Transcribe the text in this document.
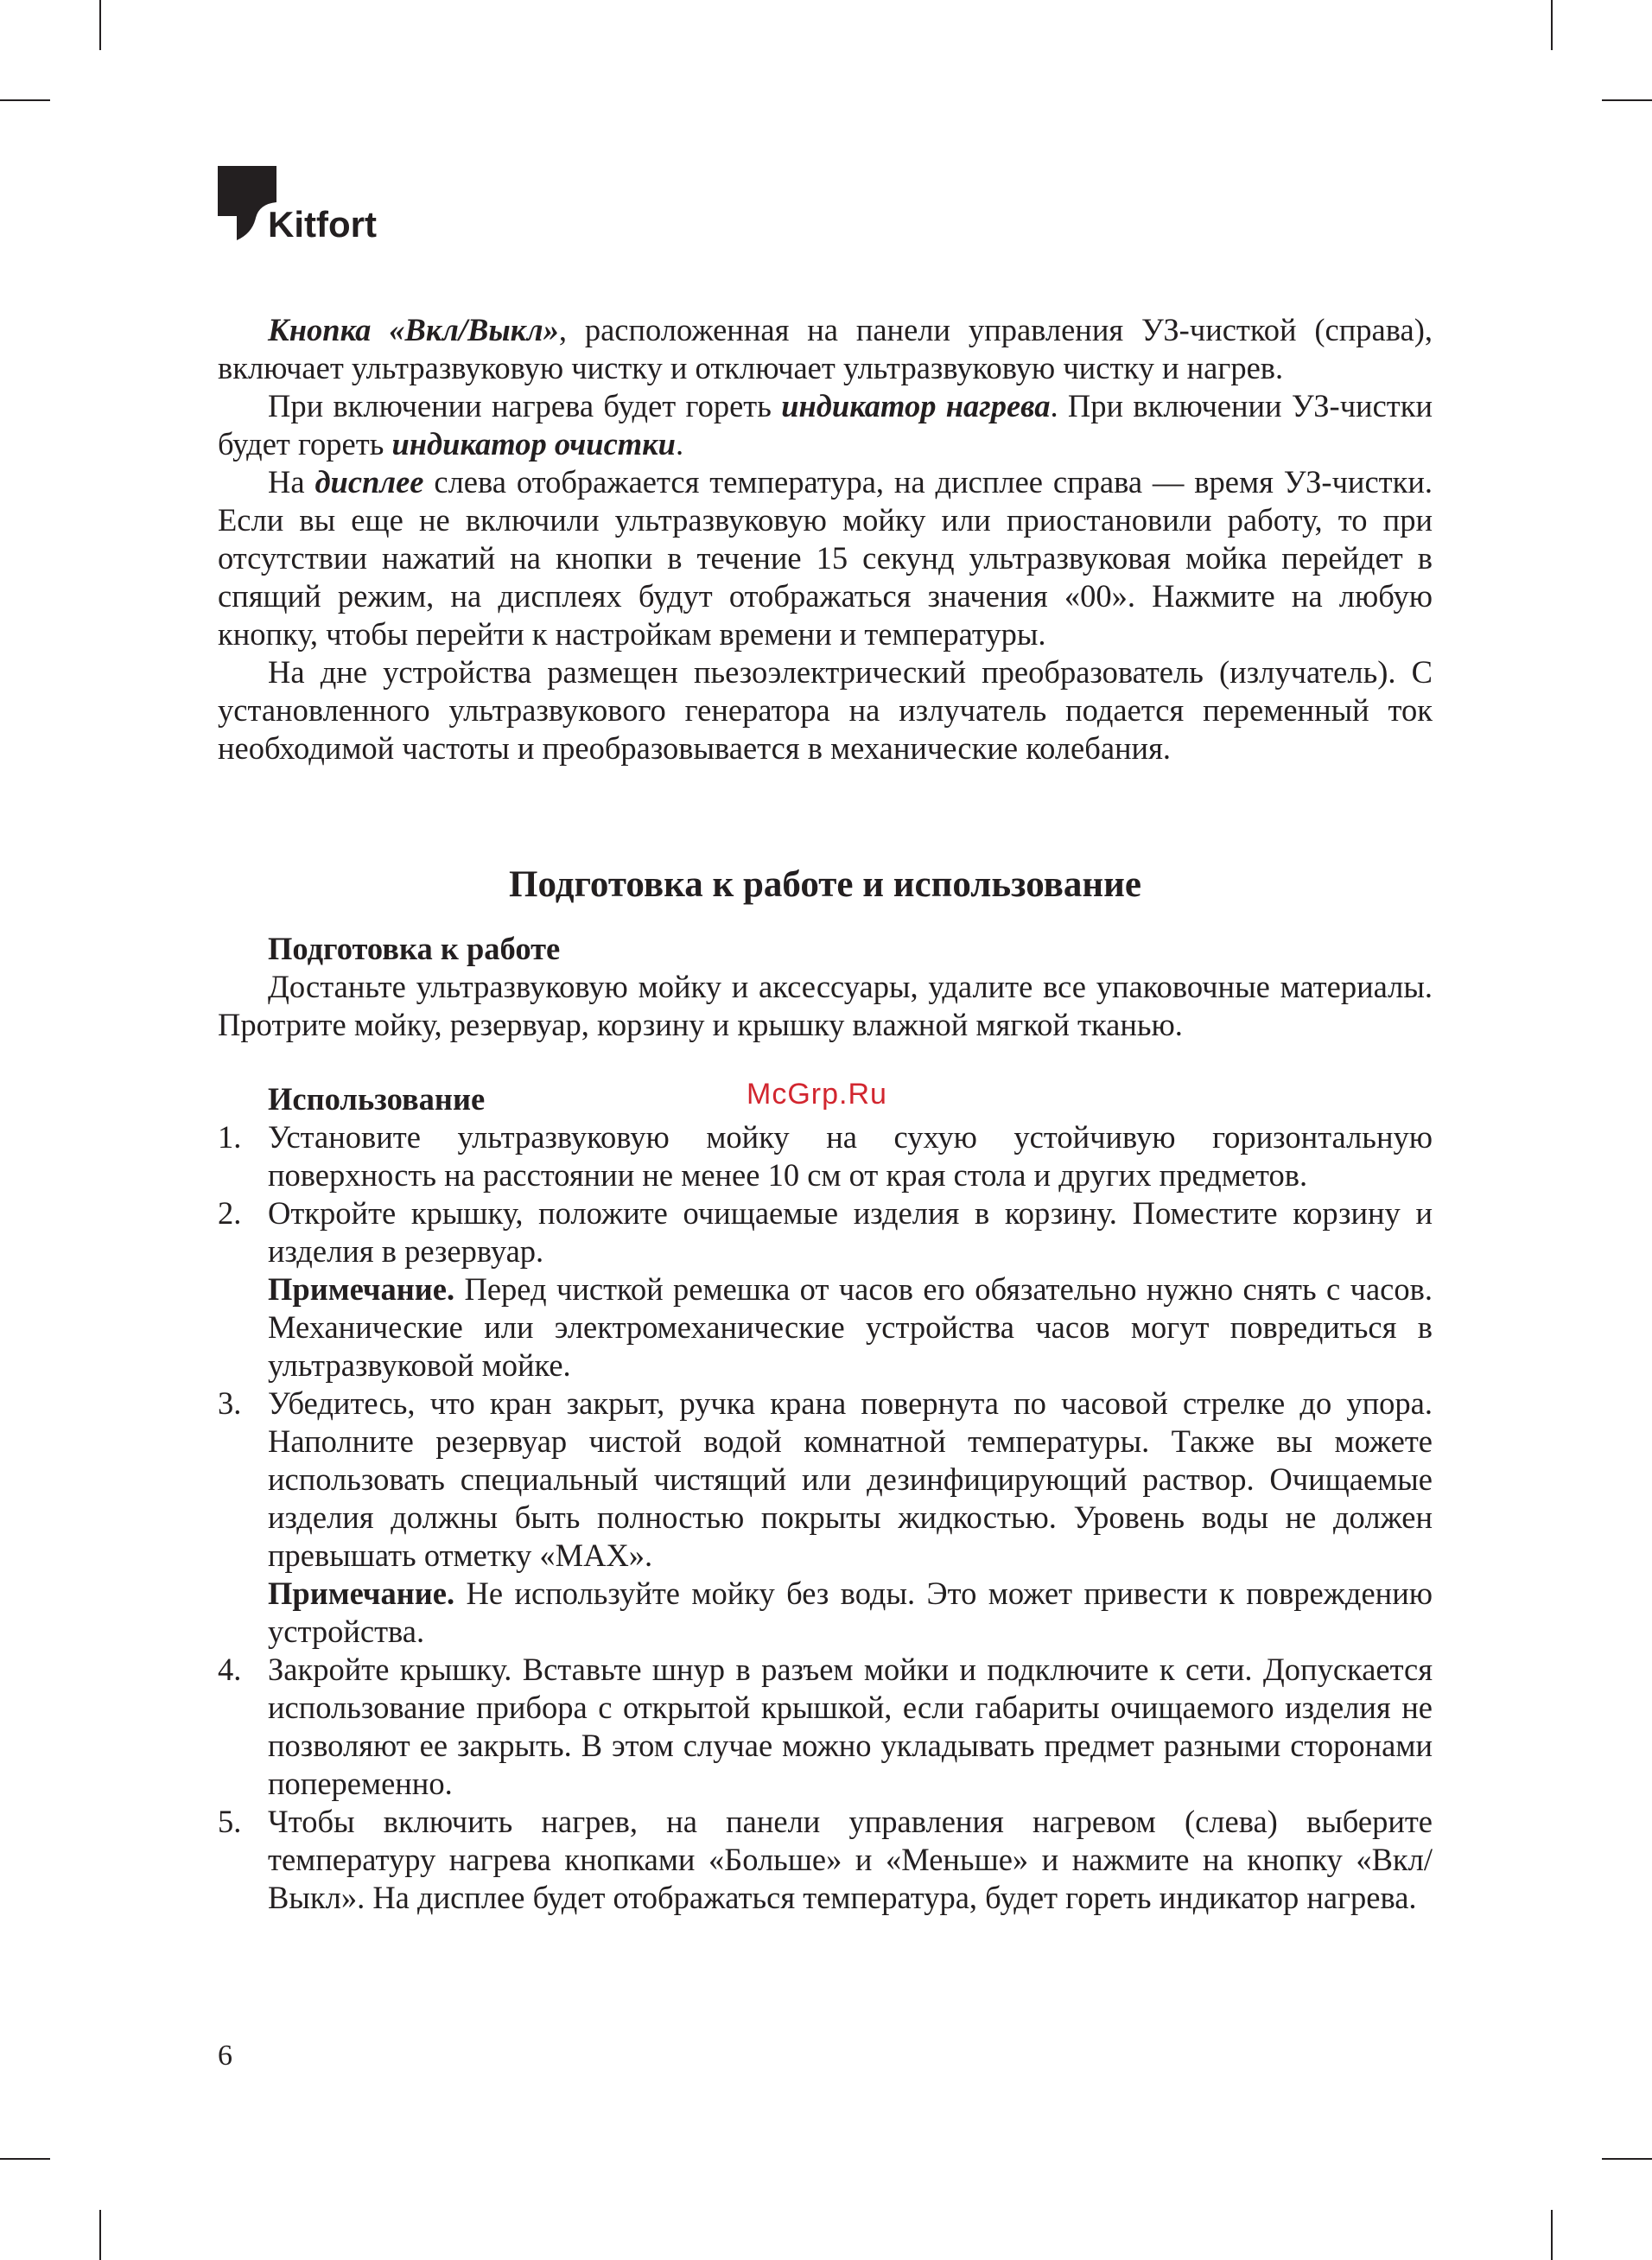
Kitfort

Кнопка «Вкл/Выкл», расположенная на панели управления УЗ-чисткой (справа), включает ультразвуковую чистку и отключает ультразвуковую чистку и нагрев.

При включении нагрева будет гореть индикатор нагрева. При включении УЗ-чистки будет гореть индикатор очистки.

На дисплее слева отображается температура, на дисплее справа — время УЗ-чистки. Если вы еще не включили ультразвуковую мойку или приостановили работу, то при отсутствии нажатий на кнопки в течение 15 секунд ультразвуковая мойка перейдет в спящий режим, на дисплеях будут отображаться значения «00». Нажмите на любую кнопку, чтобы перейти к настройкам времени и температуры.

На дне устройства размещен пьезоэлектрический преобразователь (излучатель). С установленного ультразвукового генератора на излучатель подается переменный ток необходимой частоты и преобразовывается в механические колебания.

Подготовка к работе и использование
Подготовка к работе

Достаньте ультразвуковую мойку и аксессуары, удалите все упаковочные материалы. Протрите мойку, резервуар, корзину и крышку влажной мягкой тканью.

Использование	McGrp.Ru
1. Установите ультразвуковую мойку на сухую устойчивую горизонтальную поверхность на расстоянии не менее 10 см от края стола и других предметов.
2. Откройте крышку, положите очищаемые изделия в корзину. Поместите корзину и изделия в резервуар.
Примечание. Перед чисткой ремешка от часов его обязательно нужно снять с часов. Механические или электромеханические устройства часов могут повредиться в ультразвуковой мойке.
3. Убедитесь, что кран закрыт, ручка крана повернута по часовой стрелке до упора. Наполните резервуар чистой водой комнатной температуры. Также вы можете использовать специальный чистящий или дезинфицирующий раствор. Очищаемые изделия должны быть полностью покрыты жидкостью. Уровень воды не должен превышать отметку «MAX».
Примечание. Не используйте мойку без воды. Это может привести к повреждению устройства.
4. Закройте крышку. Вставьте шнур в разъем мойки и подключите к сети. Допускается использование прибора с открытой крышкой, если габариты очищаемого изделия не позволяют ее закрыть. В этом случае можно укладывать предмет разными сторонами попеременно.
5. Чтобы включить нагрев, на панели управления нагревом (слева) выберите температуру нагрева кнопками «Больше» и «Меньше» и нажмите на кнопку «Вкл/Выкл». На дисплее будет отображаться температура, будет гореть индикатор нагрева.
6
